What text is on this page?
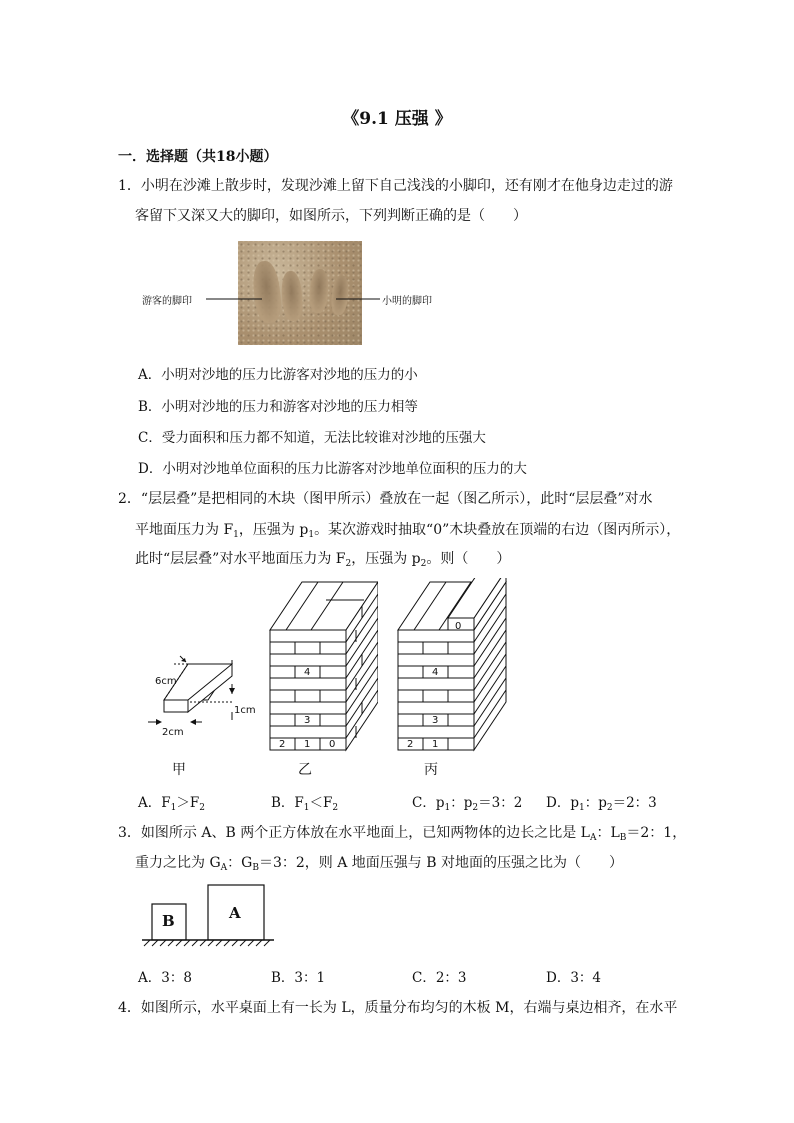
《9.1 压强 》
一．选择题（共18小题）
1．小明在沙滩上散步时，发现沙滩上留下自己浅浅的小脚印，还有刚才在他身边走过的游
客留下又深又大的脚印，如图所示，下列判断正确的是（　　）
游客的脚印	小明的脚印
A．小明对沙地的压力比游客对沙地的压力的小
B．小明对沙地的压力和游客对沙地的压力相等
C．受力面积和压力都不知道，无法比较谁对沙地的压强大
D．小明对沙地单位面积的压力比游客对沙地单位面积的压力的大
2．“层层叠”是把相同的木块（图甲所示）叠放在一起（图乙所示），此时“层层叠”对水
平地面压力为 $F_1$，压强为 $p_1$。某次游戏时抽取“0”木块叠放在顶端的右边（图丙所示），
此时“层层叠”对水平地面压力为 $F_2$，压强为 $p_2$。则（　　）
6cm
1cm
2cm
4
3
2 1 0
0
4
3
2 1
甲	乙	丙
A．$F_1>F_2$	B．$F_1<F_2$	C．$p_1$：$p_2=3$：2 D．$p_1$：$p_2=2$：3
3．如图所示 A、B 两个正方体放在水平地面上，已知两物体的边长之比是 $L_A$：$L_B=2$：1，
重力之比为 $G_A$：$G_B=3$：2，则 A 地面压强与 B 对地面的压强之比为（　　）
B	A
A．3：8	B．3：1	C．2：3	D．3：4
4．如图所示，水平桌面上有一长为 L，质量分布均匀的木板 M，右端与桌边相齐，在水平
